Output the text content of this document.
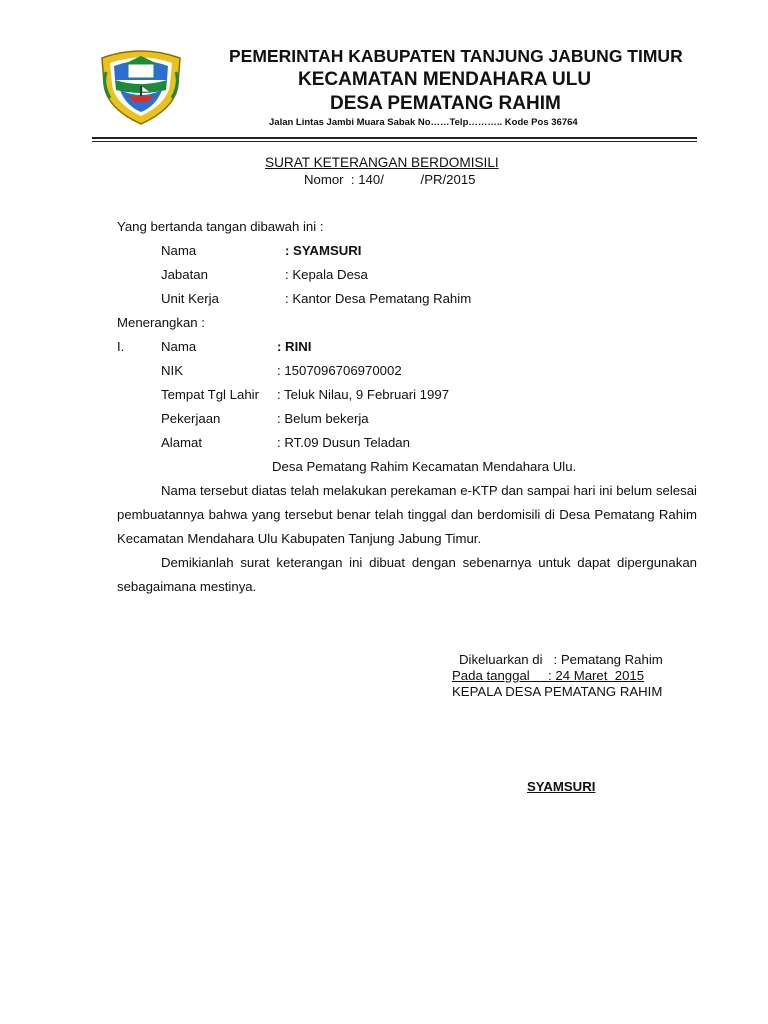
PEMERINTAH KABUPATEN TANJUNG JABUNG TIMUR
KECAMATAN MENDAHARA ULU
DESA PEMATANG RAHIM
Jalan Lintas Jambi Muara Sabak No……Telp……….. Kode Pos 36764
SURAT KETERANGAN BERDOMISILI
Nomor  : 140/          /PR/2015
Yang bertanda tangan dibawah ini :
Nama	: SYAMSURI
Jabatan	: Kepala Desa
Unit Kerja	: Kantor Desa Pematang Rahim
Menerangkan :
I.	Nama	: RINI
NIK	: 1507096706970002
Tempat Tgl Lahir : Teluk Nilau, 9 Februari 1997
Pekerjaan	: Belum bekerja
Alamat	: RT.09 Dusun Teladan
Desa Pematang Rahim Kecamatan Mendahara Ulu.
Nama tersebut diatas telah melakukan perekaman e-KTP dan sampai hari ini belum selesai pembuatannya bahwa yang tersebut benar telah tinggal dan berdomisili di Desa Pematang Rahim Kecamatan Mendahara Ulu Kabupaten Tanjung Jabung Timur.
Demikianlah surat keterangan ini dibuat dengan sebenarnya untuk dapat dipergunakan sebagaimana mestinya.
Dikeluarkan di   : Pematang Rahim
Pada tanggal     : 24 Maret  2015
KEPALA DESA PEMATANG RAHIM
SYAMSURI
